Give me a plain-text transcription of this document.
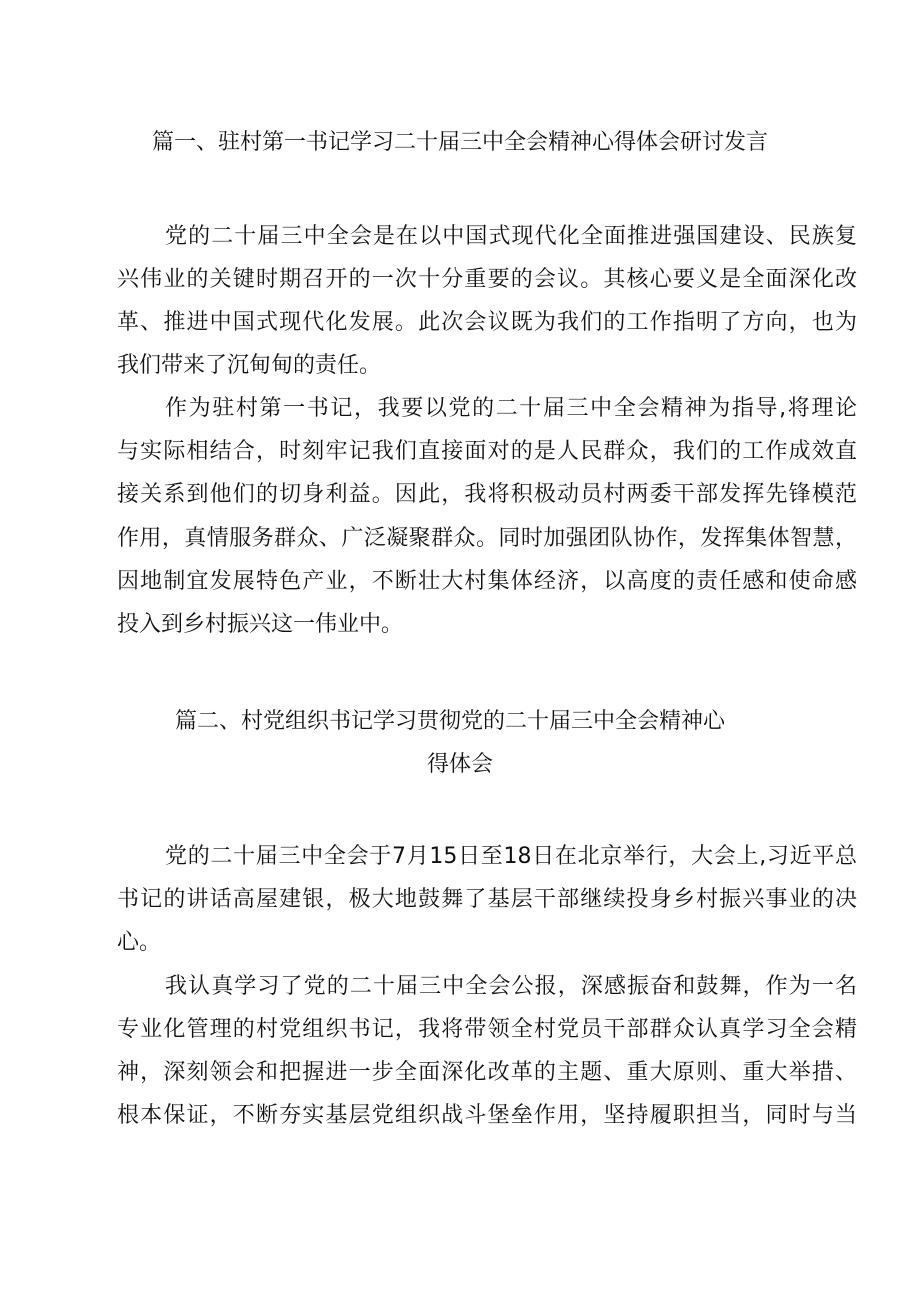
篇一、驻村第一书记学习二十届三中全会精神心得体会研讨发言
党的二十届三中全会是在以中国式现代化全面推进强国建设、民族复
兴伟业的关键时期召开的一次十分重要的会议。其核心要义是全面深化改
革、推进中国式现代化发展。此次会议既为我们的工作指明了方向，也为
我们带来了沉甸甸的责任。
作为驻村第一书记，我要以党的二十届三中全会精神为指导,将理论
与实际相结合，时刻牢记我们直接面对的是人民群众，我们的工作成效直
接关系到他们的切身利益。因此，我将积极动员村两委干部发挥先锋模范
作用，真情服务群众、广泛凝聚群众。同时加强团队协作，发挥集体智慧，
因地制宜发展特色产业，不断壮大村集体经济，以高度的责任感和使命感
投入到乡村振兴这一伟业中。
篇二、村党组织书记学习贯彻党的二十届三中全会精神心
得体会
党的二十届三中全会于7月15日至18日在北京举行，大会上,习近平总
书记的讲话高屋建银，极大地鼓舞了基层干部继续投身乡村振兴事业的决
心。
我认真学习了党的二十届三中全会公报，深感振奋和鼓舞，作为一名
专业化管理的村党组织书记，我将带领全村党员干部群众认真学习全会精
神，深刻领会和把握进一步全面深化改革的主题、重大原则、重大举措、
根本保证，不断夯实基层党组织战斗堡垒作用，坚持履职担当，同时与当
